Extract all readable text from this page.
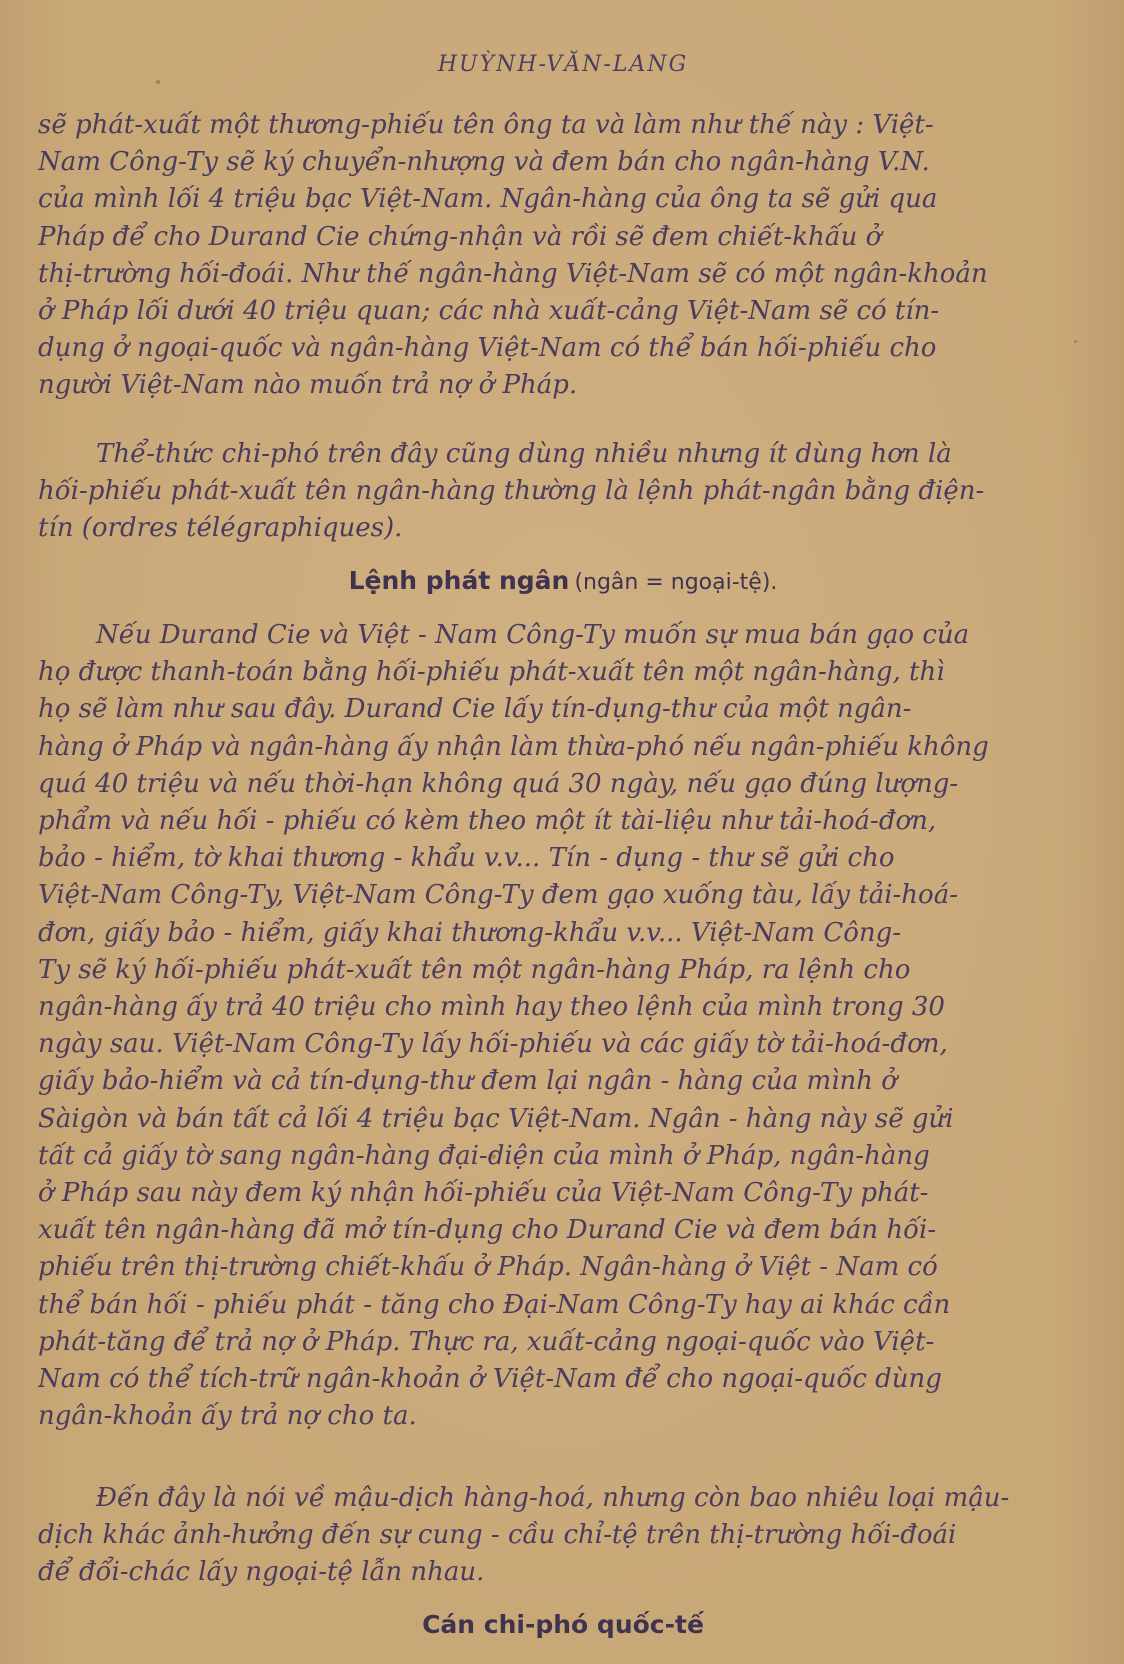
HUỲNH-VĂN-LANG
sẽ phát-xuất một thương-phiếu tên ông ta và làm như thế này : Việt-
Nam Công-Ty sẽ ký chuyển-nhượng và đem bán cho ngân-hàng V.N.
của mình lối 4 triệu bạc Việt-Nam. Ngân-hàng của ông ta sẽ gửi qua
Pháp để cho Durand Cie chứng-nhận và rồi sẽ đem chiết-khấu ở
thị-trường hối-đoái. Như thế ngân-hàng Việt-Nam sẽ có một ngân-khoản
ở Pháp lối dưới 40 triệu quan; các nhà xuất-cảng Việt-Nam sẽ có tín-
dụng ở ngoại-quốc và ngân-hàng Việt-Nam có thể bán hối-phiếu cho
người Việt-Nam nào muốn trả nợ ở Pháp.
Thể-thức chi-phó trên đây cũng dùng nhiều nhưng ít dùng hơn là
hối-phiếu phát-xuất tên ngân-hàng thường là lệnh phát-ngân bằng điện-
tín (ordres télégraphiques).
Lệnh phát ngân (ngân = ngoại-tệ).
Nếu Durand Cie và Việt - Nam Công-Ty muốn sự mua bán gạo của
họ được thanh-toán bằng hối-phiếu phát-xuất tên một ngân-hàng, thì
họ sẽ làm như sau đây. Durand Cie lấy tín-dụng-thư của một ngân-
hàng ở Pháp và ngân-hàng ấy nhận làm thừa-phó nếu ngân-phiếu không
quá 40 triệu và nếu thời-hạn không quá 30 ngày, nếu gạo đúng lượng-
phẩm và nếu hối - phiếu có kèm theo một ít tài-liệu như tải-hoá-đơn,
bảo - hiểm, tờ khai thương - khẩu v.v... Tín - dụng - thư sẽ gửi cho
Việt-Nam Công-Ty, Việt-Nam Công-Ty đem gạo xuống tàu, lấy tải-hoá-
đơn, giấy bảo - hiểm, giấy khai thương-khẩu v.v... Việt-Nam Công-
Ty sẽ ký hối-phiếu phát-xuất tên một ngân-hàng Pháp, ra lệnh cho
ngân-hàng ấy trả 40 triệu cho mình hay theo lệnh của mình trong 30
ngày sau. Việt-Nam Công-Ty lấy hối-phiếu và các giấy tờ tải-hoá-đơn,
giấy bảo-hiểm và cả tín-dụng-thư đem lại ngân - hàng của mình ở
Sàigòn và bán tất cả lối 4 triệu bạc Việt-Nam. Ngân - hàng này sẽ gửi
tất cả giấy tờ sang ngân-hàng đại-diện của mình ở Pháp, ngân-hàng
ở Pháp sau này đem ký nhận hối-phiếu của Việt-Nam Công-Ty phát-
xuất tên ngân-hàng đã mở tín-dụng cho Durand Cie và đem bán hối-
phiếu trên thị-trường chiết-khấu ở Pháp. Ngân-hàng ở Việt - Nam có
thể bán hối - phiếu phát - tăng cho Đại-Nam Công-Ty hay ai khác cần
phát-tăng để trả nợ ở Pháp. Thực ra, xuất-cảng ngoại-quốc vào Việt-
Nam có thể tích-trữ ngân-khoản ở Việt-Nam để cho ngoại-quốc dùng
ngân-khoản ấy trả nợ cho ta.
Đến đây là nói về mậu-dịch hàng-hoá, nhưng còn bao nhiêu loại mậu-
dịch khác ảnh-hưởng đến sự cung - cầu chỉ-tệ trên thị-trường hối-đoái
để đổi-chác lấy ngoại-tệ lẫn nhau.
Cán chi-phó quốc-tế
